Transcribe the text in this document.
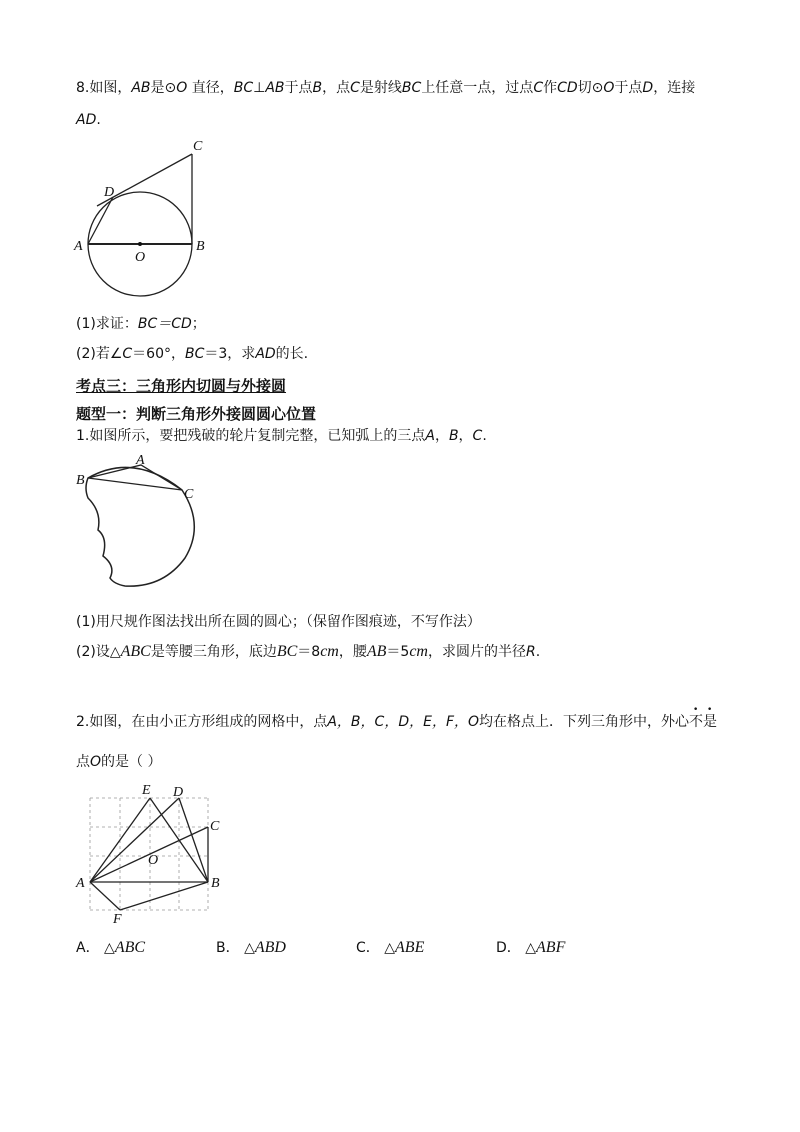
8.如图，AB是⊙O 直径，BC⊥AB于点B，点C是射线BC上任意一点，过点C作CD切⊙O于点D，连接
AD.
C
D
A	B
O
(1)求证：BC＝CD；
(2)若∠C＝60°，BC＝3，求AD的长.
考点三：三角形内切圆与外接圆
题型一：判断三角形外接圆圆心位置
1.如图所示，要把残破的轮片复制完整，已知弧上的三点A，B，C.
A
B
C
(1)用尺规作图法找出所在圆的圆心；（保留作图痕迹，不写作法）
(2)设△ABC是等腰三角形，底边BC＝8cm，腰AB＝5cm，求圆片的半径R.
2.如图，在由小正方形组成的网格中，点A，B，C，D，E，F，O均在格点上．下列三角形中，外心不是
点O的是（ ）
E D
C
O
A	B
F
A． △ABC	B． △ABD	C． △ABE	D． △ABF
